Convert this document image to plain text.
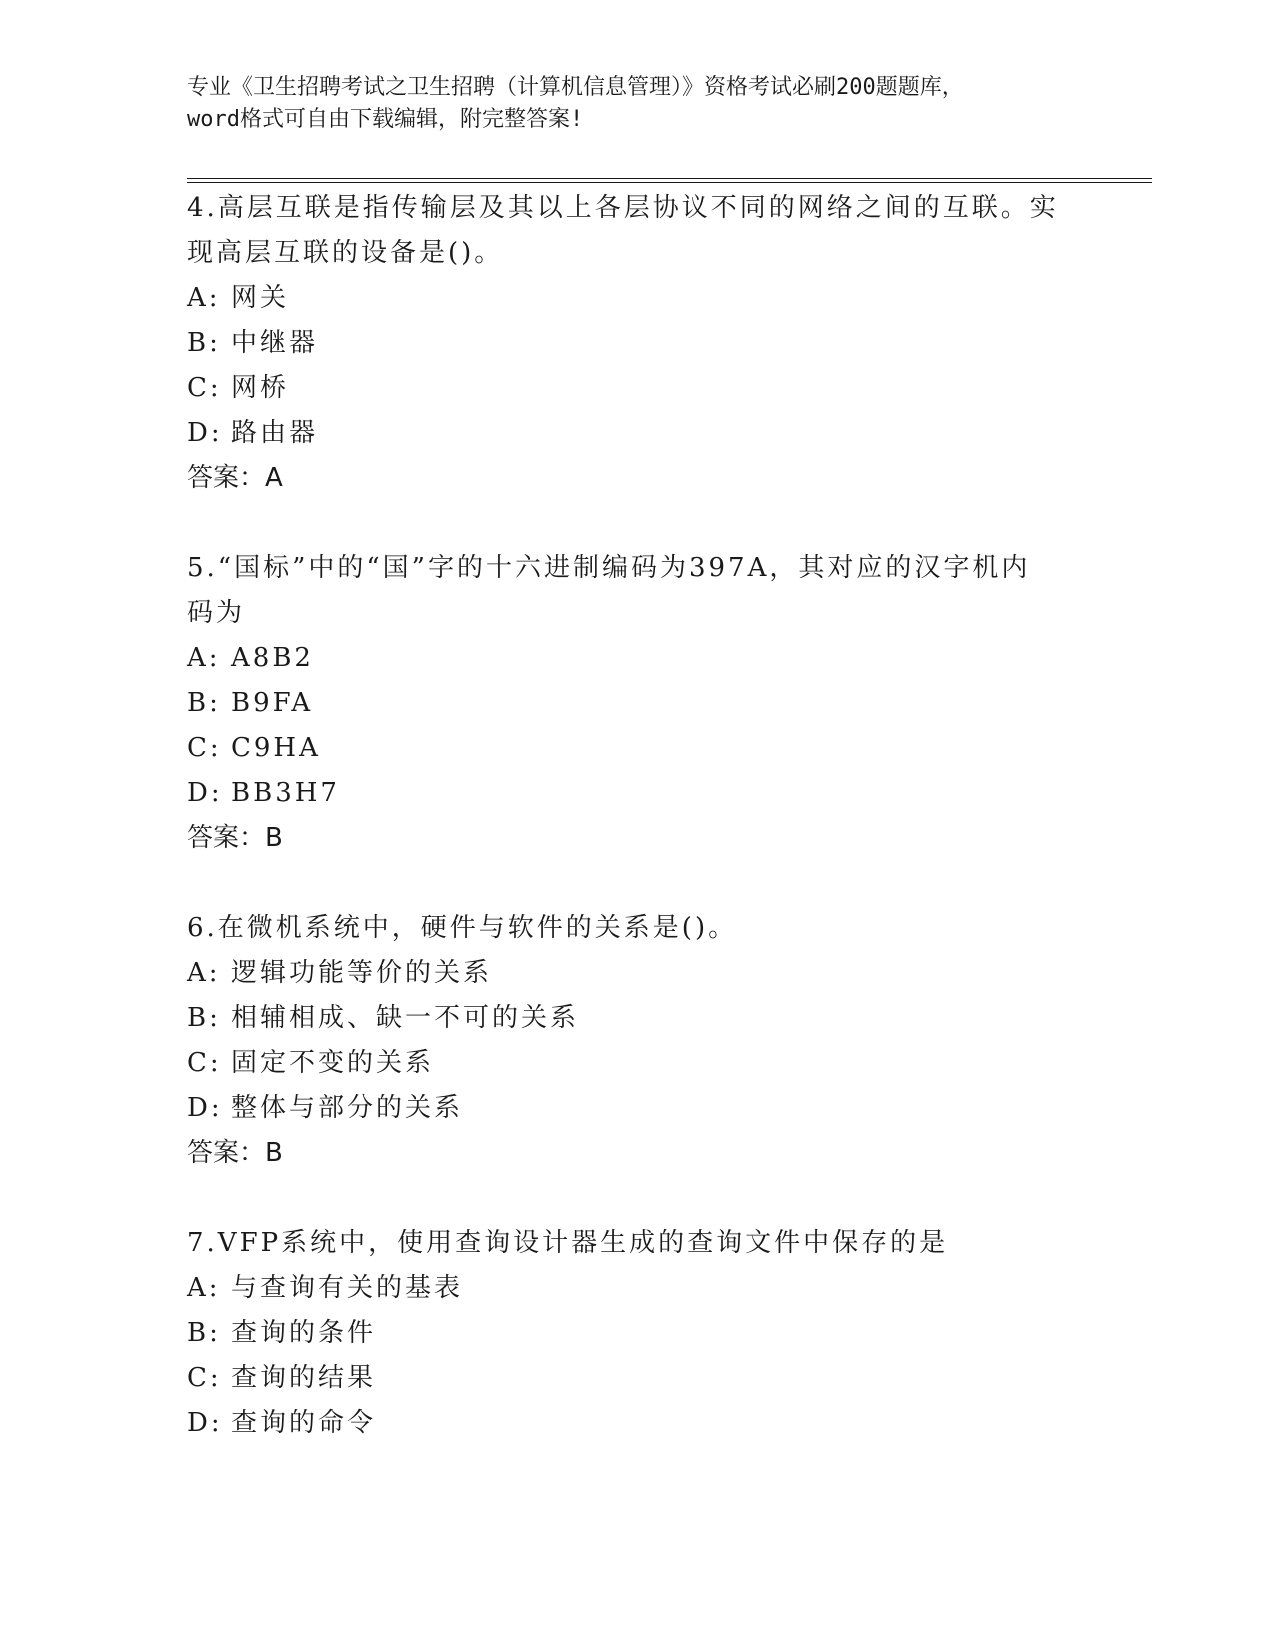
专业《卫生招聘考试之卫生招聘（计算机信息管理）》资格考试必刷200题题库，
word格式可自由下载编辑，附完整答案!
4.高层互联是指传输层及其以上各层协议不同的网络之间的互联。实
现高层互联的设备是()。
A: 网关
B: 中继器
C: 网桥
D: 路由器
答案：A
5.“国标”中的“国”字的十六进制编码为397A，其对应的汉字机内
码为
A: A8B2
B: B9FA
C: C9HA
D: BB3H7
答案：B
6.在微机系统中，硬件与软件的关系是()。
A: 逻辑功能等价的关系
B: 相辅相成、缺一不可的关系
C: 固定不变的关系
D: 整体与部分的关系
答案：B
7.VFP系统中，使用查询设计器生成的查询文件中保存的是
A: 与查询有关的基表
B: 查询的条件
C: 查询的结果
D: 查询的命令
